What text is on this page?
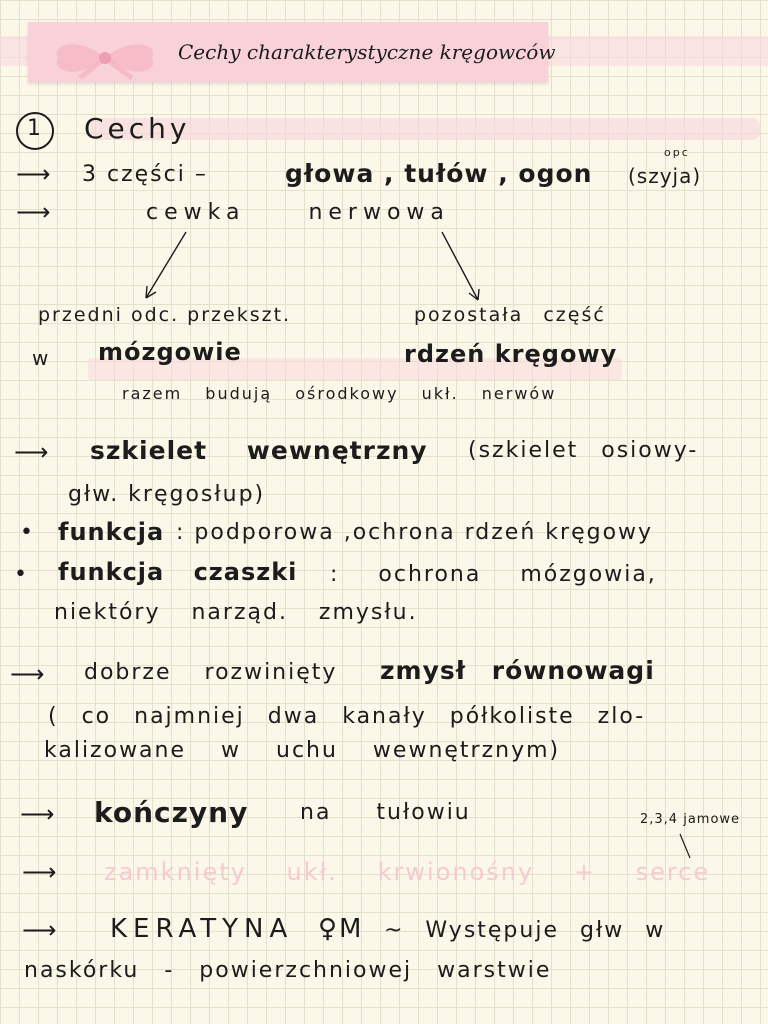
Cechy charakterystyczne kręgowców
1 Cechy
⟶ 3 części –	głowa , tułów , ogon (szyja)
opc
⟶	cewka nerwowa
przedni odc. przekszt.
w mózgowie
pozostała część
rdzeń kręgowy
razem budują ośrodkowy ukł. nerwów
⟶ szkielet wewnętrzny (szkielet osiowy-
głw. kręgosłup)
• funkcja : podporowa ,ochrona rdzeń kręgowy
• funkcja czaszki : ochrona mózgowia,
niektóry narząd. zmysłu.
⟶ dobrze rozwinięty zmysł równowagi
( co najmniej dwa kanały półkoliste zlo-
kalizowane w uchu wewnętrznym)
⟶ kończyny na tułowiu	2,3,4 jamowe
⟶ zamknięty ukł. krwionośny + serce
⟶ KERATYNA ♀M ~ Występuje głw w
naskórku - powierzchniowej warstwie
